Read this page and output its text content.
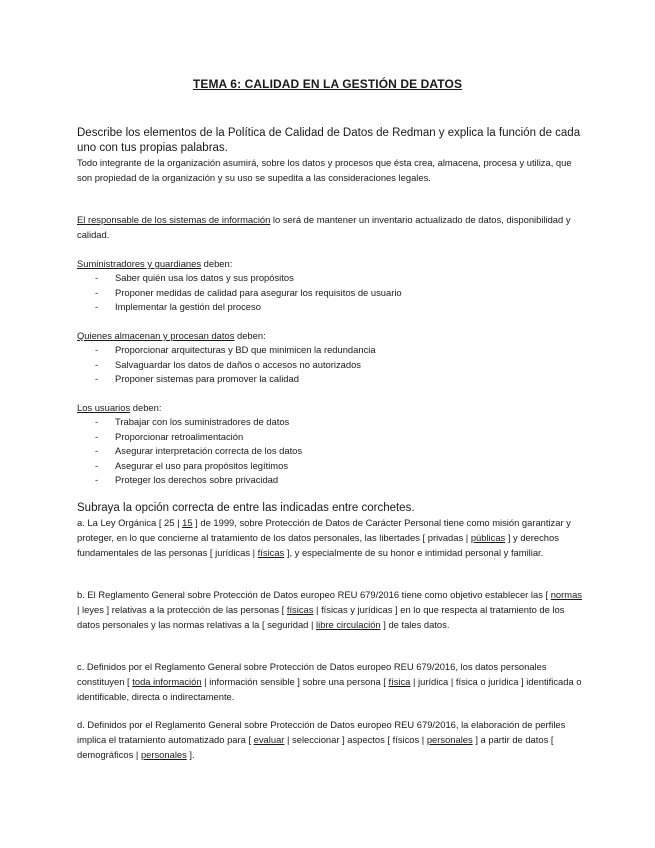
TEMA 6: CALIDAD EN LA GESTIÓN DE DATOS
Describe los elementos de la Política de Calidad de Datos de Redman y explica la función de cada uno con tus propias palabras.
Todo integrante de la organización asumirá, sobre los datos y procesos que ésta crea, almacena, procesa y utiliza, que son propiedad de la organización y su uso se supedita a las consideraciones legales.
El responsable de los sistemas de información lo será de mantener un inventario actualizado de datos, disponibilidad y calidad.
Suministradores y guardianes deben:
- Saber quién usa los datos y sus propósitos
- Proponer medidas de calidad para asegurar los requisitos de usuario
- Implementar la gestión del proceso
Quienes almacenan y procesan datos deben:
- Proporcionar arquitecturas y BD que minimicen la redundancia
- Salvaguardar los datos de daños o accesos no autorizados
- Proponer sistemas para promover la calidad
Los usuarios deben:
- Trabajar con los suministradores de datos
- Proporcionar retroalimentación
- Asegurar interpretación correcta de los datos
- Asegurar el uso para propósitos legítimos
- Proteger los derechos sobre privacidad
Subraya la opción correcta de entre las indicadas entre corchetes.
a. La Ley Orgánica [ 25 | 15 ] de 1999, sobre Protección de Datos de Carácter Personal tiene como misión garantizar y proteger, en lo que concierne al tratamiento de los datos personales, las libertades [ privadas | públicas ] y derechos fundamentales de las personas [ jurídicas | físicas ], y especialmente de su honor e intimidad personal y familiar.
b. El Reglamento General sobre Protección de Datos europeo REU 679/2016 tiene como objetivo establecer las [ normas | leyes ] relativas a la protección de las personas [ físicas | físicas y jurídicas ] en lo que respecta al tratamiento de los datos personales y las normas relativas a la [ seguridad | libre circulación ] de tales datos.
c. Definidos por el Reglamento General sobre Protección de Datos europeo REU 679/2016, los datos personales constituyen [ toda información | información sensible ] sobre una persona [ física | jurídica | física o jurídica ] identificada o identificable, directa o indirectamente.
d. Definidos por el Reglamento General sobre Protección de Datos europeo REU 679/2016, la elaboración de perfiles implica el tratamiento automatizado para [ evaluar | seleccionar ] aspectos [ físicos | personales ] a partir de datos [ demográficos | personales ].
